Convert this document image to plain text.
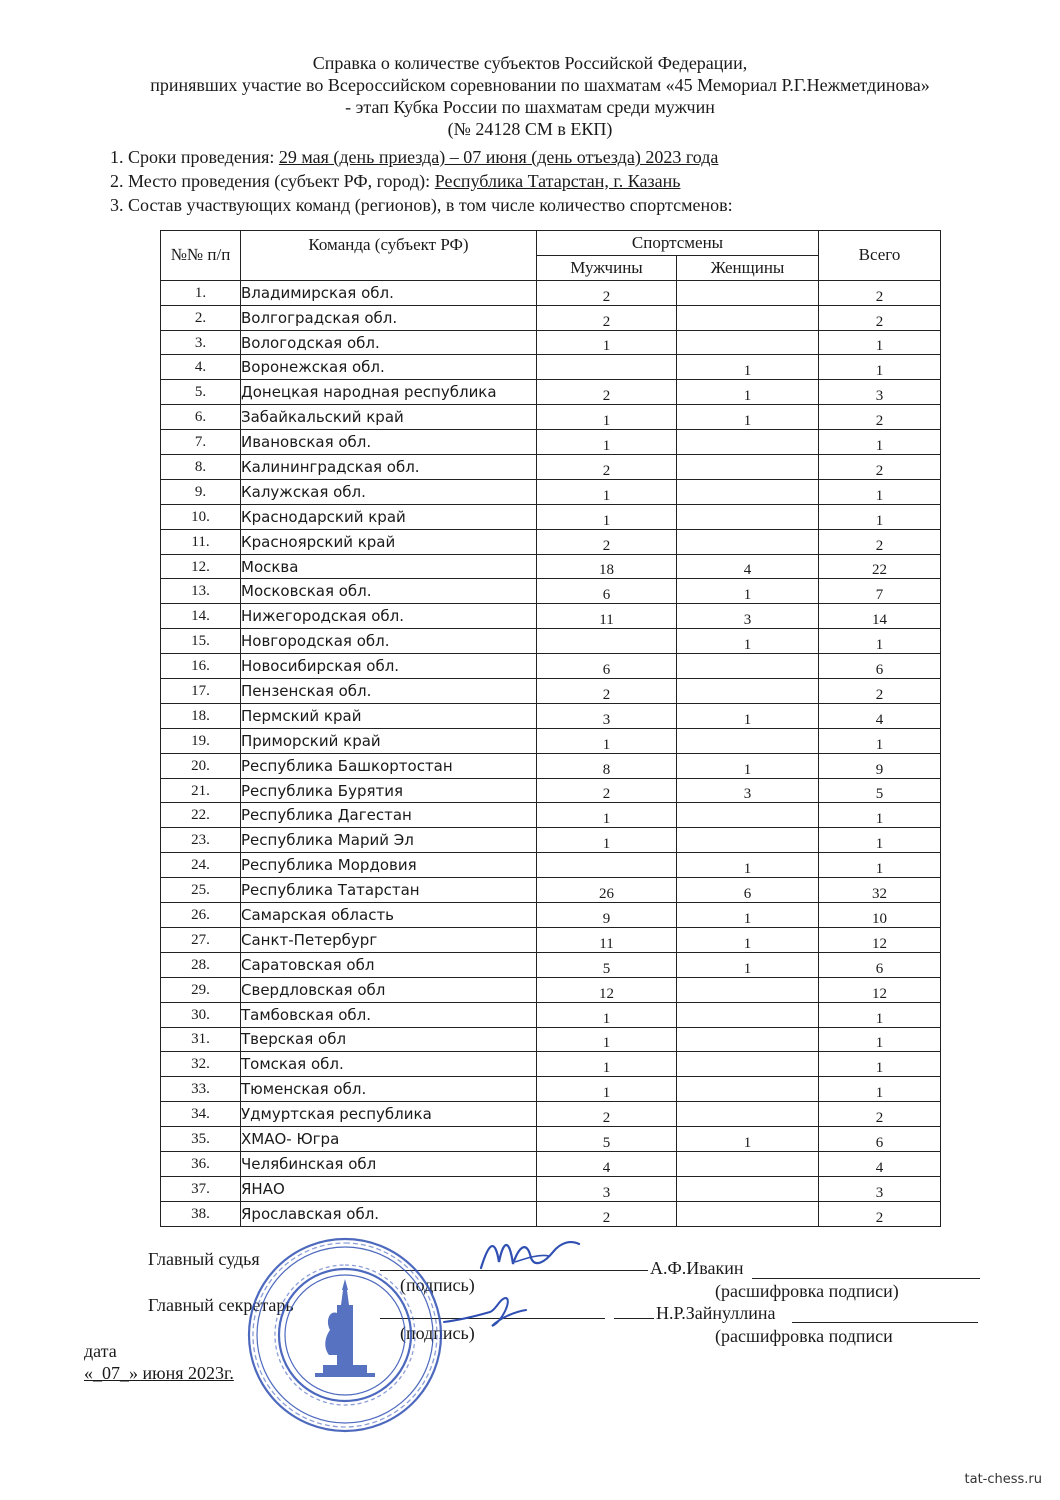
Справка о количестве субъектов Российской Федерации,
принявших участие во Всероссийском соревновании по шахматам «45 Мемориал Р.Г.Нежметдинова»
- этап Кубка России по шахматам среди мужчин
(№ 24128 СМ в ЕКП)
1. Сроки проведения: 29 мая (день приезда) – 07 июня (день отъезда) 2023 года
2. Место проведения (субъект РФ, город): Республика Татарстан, г. Казань
3. Состав участвующих команд (регионов), в том числе количество спортсменов:
№№ п/п	Команда (субъект РФ)	Спортсмены		Всего
		Мужчины	Женщины	
1.	Владимирская обл.	2		2
2.	Волгоградская обл.	2		2
3.	Вологодская обл.	1		1
4.	Воронежская обл.		1	1
5.	Донецкая народная республика	2	1	3
6.	Забайкальский край	1	1	2
7.	Ивановская обл.	1		1
8.	Калининградская обл.	2		2
9.	Калужская обл.	1		1
10.	Краснодарский край	1		1
11.	Красноярский край	2		2
12.	Москва	18	4	22
13.	Московская обл.	6	1	7
14.	Нижегородская обл.	11	3	14
15.	Новгородская обл.		1	1
16.	Новосибирская обл.	6		6
17.	Пензенская обл.	2		2
18.	Пермский край	3	1	4
19.	Приморский край	1		1
20.	Республика Башкортостан	8	1	9
21.	Республика Бурятия	2	3	5
22.	Республика Дагестан	1		1
23.	Республика Марий Эл	1		1
24.	Республика Мордовия		1	1
25.	Республика Татарстан	26	6	32
26.	Самарская область	9	1	10
27.	Санкт-Петербург	11	1	12
28.	Саратовская обл	5	1	6
29.	Свердловская обл	12		12
30.	Тамбовская обл.	1		1
31.	Тверская обл	1		1
32.	Томская обл.	1		1
33.	Тюменская обл.	1		1
34.	Удмуртская республика	2		2
35.	ХМАО- Югра	5	1	6
36.	Челябинская обл	4		4
37.	ЯНАО	3		3
38.	Ярославская обл.	2		2
Главный судья	А.Ф.Ивакин
(подпись)	(расшифровка подписи)
Главный секретарь	Н.Р.Зайнуллина
(подпись)	(расшифровка подписи
дата
«_07_» июня 2023г.
tat-chess.ru
